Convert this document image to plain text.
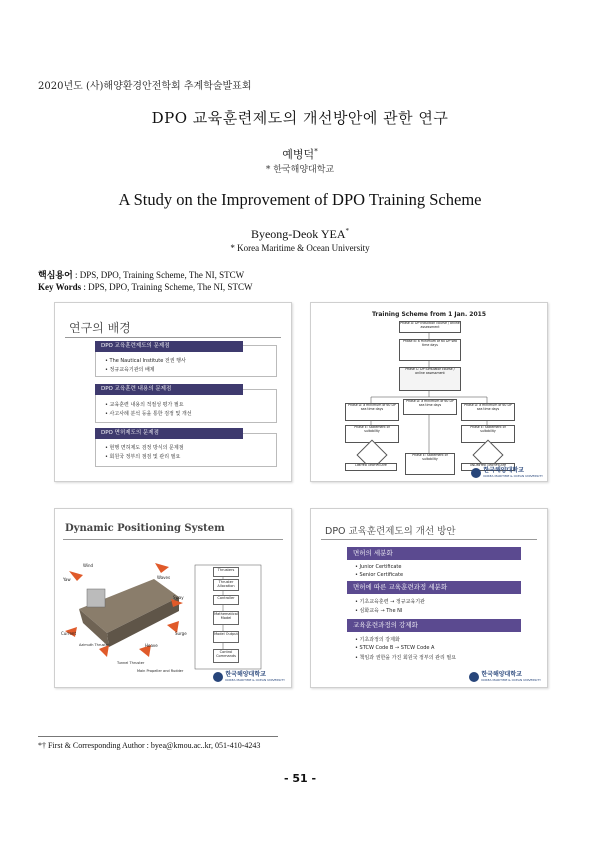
2020년도 (사)해양환경안전학회 추계학술발표회
DPO 교육훈련제도의 개선방안에 관한 연구
예병덕*
* 한국해양대학교
A Study on the Improvement of DPO Training Scheme
Byeong-Deok YEA*
* Korea Maritime & Ocean University
핵심용어 : DPS, DPO, Training Scheme, The NI, STCW
Key Words : DPS, DPO, Training Scheme, The NI, STCW
연구의 배경
DPO 교육훈련제도의 문제점
• The Nautical Institute 전권 행사
• 정규교육기관의 배제
DPO 교육훈련 내용의 문제점
• 교육훈련 내용의 적절성 평가 필요
• 사고사례 분석 등을 통한 검정 및 개선
DPO 면허제도의 문제점
• 현행 면허제도 검정 방식의 문제점
• 회원국 정부의 점검 및 관리 필요
Training Scheme from 1 Jan. 2015
Phase A: DP Induction course / online assessment
Phase B: a minimum of 60 DP sea time days
Phase C: DP Simulator course / online assessment
Phase D: a minimum of 60 DP sea time days
Phase D: a minimum of 60 DP sea time days	Phase D: a minimum of 60 DP sea time days
Phase E: Statement of suitability
Phase E: Statement of suitability
Phase E: Statement of suitability
LIMITED CERTIFICATE	UNLIMITED CERTIFICATE
한국해양대학교
KOREA MARITIME & OCEAN UNIVERSITY
Dynamic Positioning System
Wind
Waves
Sway
Yaw
Current	Surge
Heave
Azimuth Thruster
Tunnel Thruster
Main Propeller and Rudder
Thrusters
Thruster Allocation
Controller
Mathematical Model
Model Output
Control Commands
한국해양대학교
KOREA MARITIME & OCEAN UNIVERSITY
DPO 교육훈련제도의 개선 방안
면허의 세분화
• Junior Certificate
• Senior Certificate
면허에 따른 교육훈련과정 세분화
• 기초교육훈련 → 정규교육기관
• 심화교육 → The NI
교육훈련과정의 강제화
• 기초과정의 강제화
• STCW Code B → STCW Code A
• 책임과 권한을 가진 회원국 정부의 관리 필요
한국해양대학교
KOREA MARITIME & OCEAN UNIVERSITY
*† First & Corresponding Author : byea@kmou.ac..kr, 051-410-4243
- 51 -
